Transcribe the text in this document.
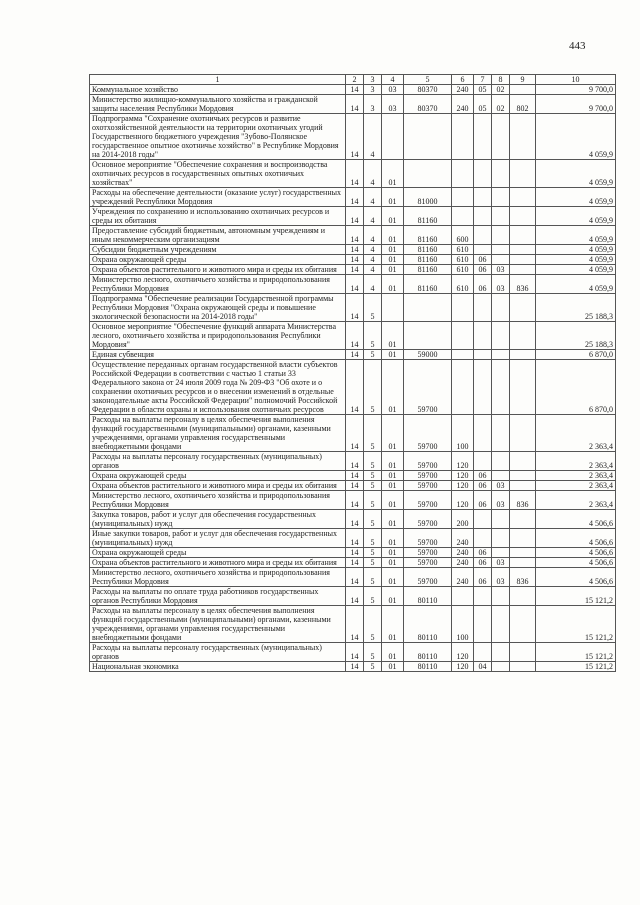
443
1	2	3	4	5	6	7	8	9	10
Коммунальное хозяйство	14	3	03	80370	240	05	02		9 700,0
Министерство жилищно-коммунального хозяйства и гражданской защиты населения Республики Мордовия	14	3	03	80370	240	05	02	802	9 700,0
Подпрограмма "Сохранение охотничьих ресурсов и развитие охотхозяйственной деятельности на территории охотничьих угодий Государственного бюджетного учреждения "Зубово-Полянское государственное опытное охотничье хозяйство" в Республике Мордовия на 2014-2018 годы"	14	4							4 059,9
Основное мероприятие "Обеспечение сохранения и воспроизводства охотничьих ресурсов в государственных опытных охотничьих хозяйствах"	14	4	01						4 059,9
Расходы на обеспечение деятельности (оказание услуг) государственных учреждений Республики Мордовия	14	4	01	81000					4 059,9
Учреждения по сохранению и использованию охотничьих ресурсов и среды их обитания	14	4	01	81160					4 059,9
Предоставление субсидий бюджетным, автономным учреждениям и иным некоммерческим организациям	14	4	01	81160	600				4 059,9
Субсидии бюджетным учреждениям	14	4	01	81160	610				4 059,9
Охрана окружающей среды	14	4	01	81160	610	06			4 059,9
Охрана объектов растительного и животного мира и среды их обитания	14	4	01	81160	610	06	03		4 059,9
Министерство лесного, охотничьего хозяйства и природопользования Республики Мордовия	14	4	01	81160	610	06	03	836	4 059,9
Подпрограмма "Обеспечение реализации Государственной программы Республики Мордовия "Охрана окружающей среды и повышение экологической безопасности на 2014-2018 годы"	14	5							25 188,3
Основное мероприятие "Обеспечение функций аппарата Министерства лесного, охотничьего хозяйства и природопользования Республики Мордовия"	14	5	01						25 188,3
Единая субвенция	14	5	01	59000					6 870,0
Осуществление переданных органам государственной власти субъектов Российской Федерации в соответствии с частью 1 статьи 33 Федерального закона от 24 июля 2009 года № 209-ФЗ "Об охоте и о сохранении охотничьих ресурсов и о внесении изменений в отдельные законодательные акты Российской Федерации" полномочий Российской Федерации в области охраны и использования охотничьих ресурсов	14	5	01	59700					6 870,0
Расходы на выплаты персоналу в целях обеспечения выполнения функций государственными (муниципальными) органами, казенными учреждениями, органами управления государственными внебюджетными фондами	14	5	01	59700	100				2 363,4
Расходы на выплаты персоналу государственных (муниципальных) органов	14	5	01	59700	120				2 363,4
Охрана окружающей среды	14	5	01	59700	120	06			2 363,4
Охрана объектов растительного и животного мира и среды их обитания	14	5	01	59700	120	06	03		2 363,4
Министерство лесного, охотничьего хозяйства и природопользования Республики Мордовия	14	5	01	59700	120	06	03	836	2 363,4
Закупка товаров, работ и услуг для обеспечения государственных (муниципальных) нужд	14	5	01	59700	200				4 506,6
Иные закупки товаров, работ и услуг для обеспечения государственных (муниципальных) нужд	14	5	01	59700	240				4 506,6
Охрана окружающей среды	14	5	01	59700	240	06			4 506,6
Охрана объектов растительного и животного мира и среды их обитания	14	5	01	59700	240	06	03		4 506,6
Министерство лесного, охотничьего хозяйства и природопользования Республики Мордовия	14	5	01	59700	240	06	03	836	4 506,6
Расходы на выплаты по оплате труда работников государственных органов Республики Мордовия	14	5	01	80110					15 121,2
Расходы на выплаты персоналу в целях обеспечения выполнения функций государственными (муниципальными) органами, казенными учреждениями, органами управления государственными внебюджетными фондами	14	5	01	80110	100				15 121,2
Расходы на выплаты персоналу государственных (муниципальных) органов	14	5	01	80110	120				15 121,2
Национальная экономика	14	5	01	80110	120	04			15 121,2
